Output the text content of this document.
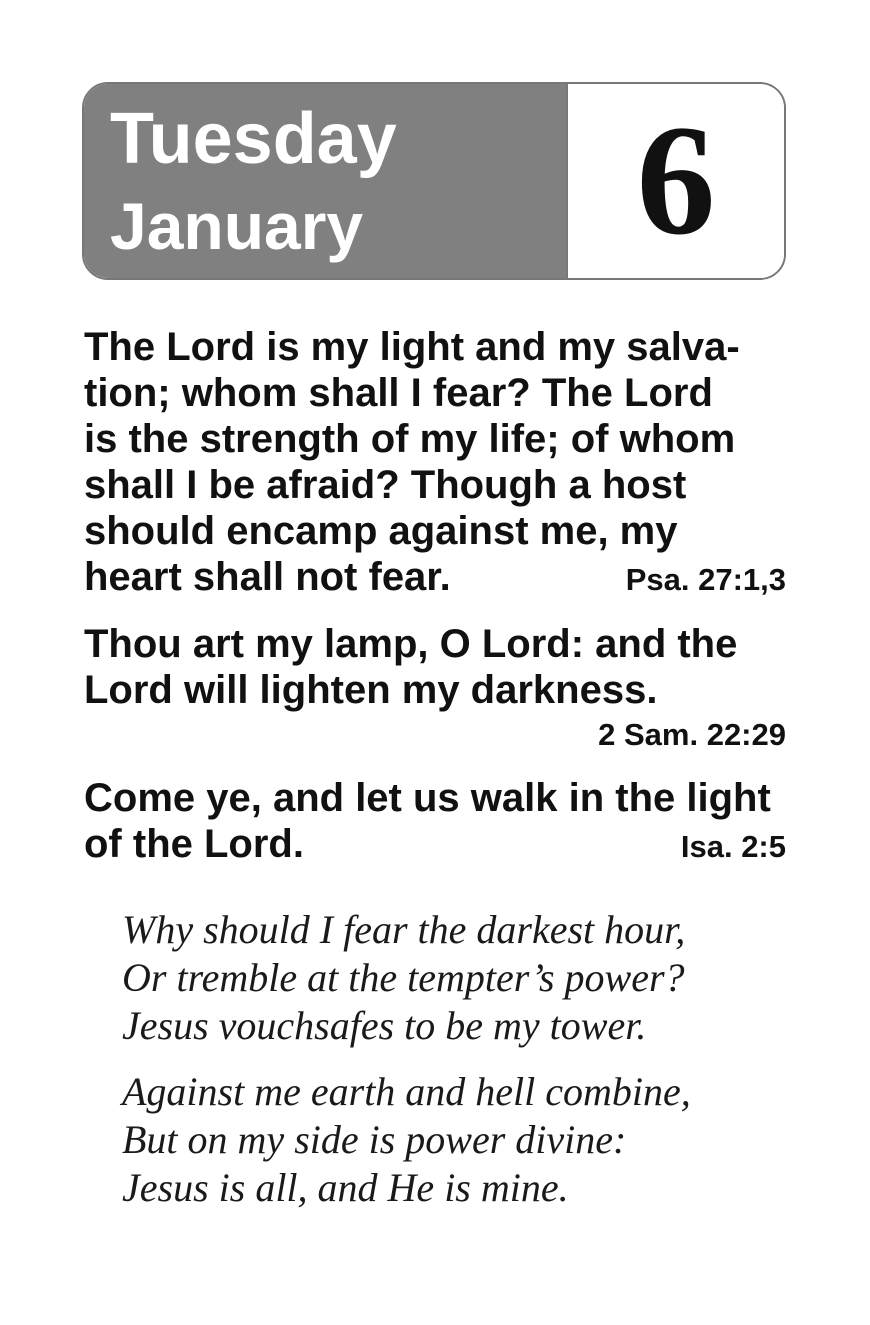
Tuesday
January	6
The Lord is my light and my salva-
tion; whom shall I fear? The Lord
is the strength of my life; of whom
shall I be afraid? Though a host
should encamp against me, my
heart shall not fear.	Psa. 27:1,3
Thou art my lamp, O Lord: and the
Lord will lighten my darkness.
2 Sam. 22:29
Come ye, and let us walk in the light
of the Lord.	Isa. 2:5
Why should I fear the darkest hour,
Or tremble at the tempter’s power?
Jesus vouchsafes to be my tower.
Against me earth and hell combine,
But on my side is power divine:
Jesus is all, and He is mine.
